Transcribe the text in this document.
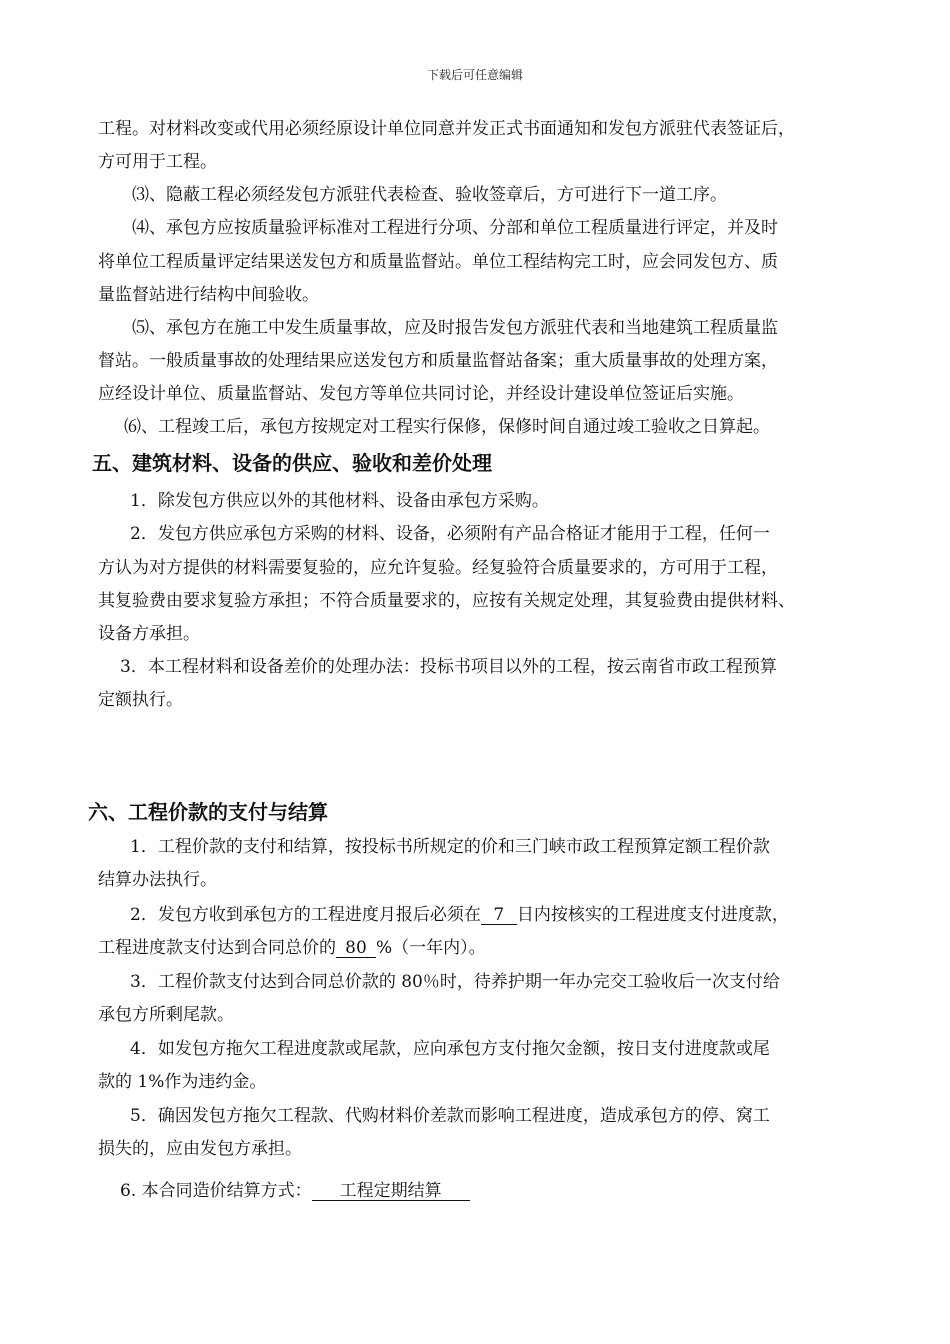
下载后可任意编辑
工程。对材料改变或代用必须经原设计单位同意并发正式书面通知和发包方派驻代表签证后，
方可用于工程。
⑶、隐蔽工程必须经发包方派驻代表检查、验收签章后，方可进行下一道工序。
⑷、承包方应按质量验评标准对工程进行分项、分部和单位工程质量进行评定，并及时
将单位工程质量评定结果送发包方和质量监督站。单位工程结构完工时，应会同发包方、质
量监督站进行结构中间验收。
⑸、承包方在施工中发生质量事故，应及时报告发包方派驻代表和当地建筑工程质量监
督站。一般质量事故的处理结果应送发包方和质量监督站备案；重大质量事故的处理方案，
应经设计单位、质量监督站、发包方等单位共同讨论，并经设计建设单位签证后实施。
⑹、工程竣工后，承包方按规定对工程实行保修，保修时间自通过竣工验收之日算起。
五、建筑材料、设备的供应、验收和差价处理
1．除发包方供应以外的其他材料、设备由承包方采购。
2．发包方供应承包方采购的材料、设备，必须附有产品合格证才能用于工程，任何一
方认为对方提供的材料需要复验的，应允许复验。经复验符合质量要求的，方可用于工程，
其复验费由要求复验方承担；不符合质量要求的，应按有关规定处理，其复验费由提供材料、
设备方承担。
3．本工程材料和设备差价的处理办法：投标书项目以外的工程，按云南省市政工程预算
定额执行。
六、工程价款的支付与结算
1．工程价款的支付和结算，按投标书所规定的价和三门峡市政工程预算定额工程价款
结算办法执行。
2．发包方收到承包方的工程进度月报后必须在 7 日内按核实的工程进度支付进度款，
工程进度款支付达到合同总价的 80 %（一年内）。
3．工程价款支付达到合同总价款的 80％时，待养护期一年办完交工验收后一次支付给
承包方所剩尾款。
4．如发包方拖欠工程进度款或尾款，应向承包方支付拖欠金额，按日支付进度款或尾
款的 1%作为违约金。
5．确因发包方拖欠工程款、代购材料价差款而影响工程进度，造成承包方的停、窝工
损失的，应由发包方承担。
6. 本合同造价结算方式： 工程定期结算
